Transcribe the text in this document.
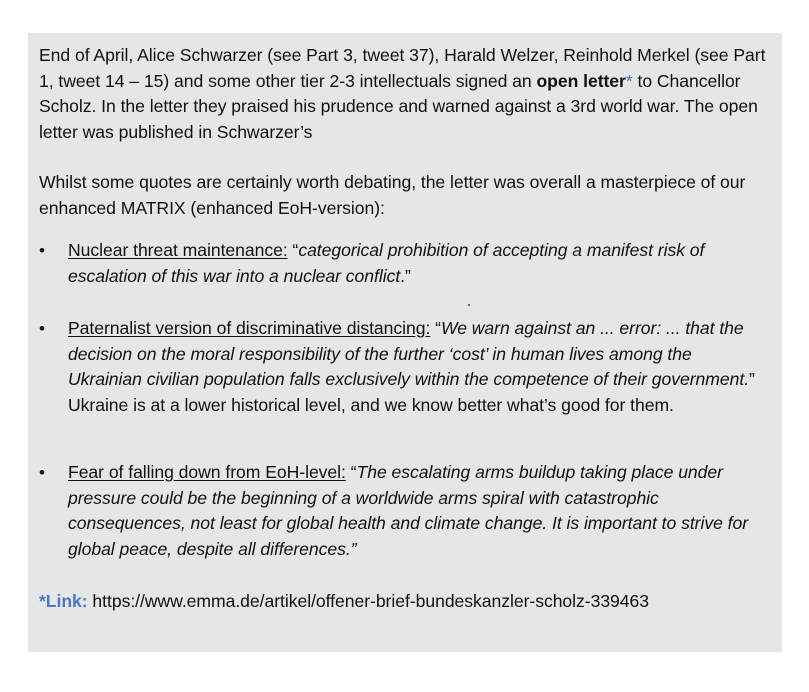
End of April, Alice Schwarzer (see Part 3, tweet 37), Harald Welzer, Reinhold Merkel (see Part 1, tweet 14 – 15) and some other tier 2-3 intellectuals signed an open letter* to Chancellor Scholz. In the letter they praised his prudence and warned against a 3rd world war. The open letter was published in Schwarzer’s

Whilst some quotes are certainly worth debating, the letter was overall a masterpiece of our enhanced MATRIX (enhanced EoH-version):

• Nuclear threat maintenance: “categorical prohibition of accepting a manifest risk of escalation of this war into a nuclear conflict.”
• Paternalist version of discriminative distancing: “We warn against an ... error: ... that the decision on the moral responsibility of the further ‘cost’ in human lives among the Ukrainian civilian population falls exclusively within the competence of their government.” Ukraine is at a lower historical level, and we know better what’s good for them.
• Fear of falling down from EoH-level: “The escalating arms buildup taking place under pressure could be the beginning of a worldwide arms spiral with catastrophic consequences, not least for global health and climate change. It is important to strive for global peace, despite all differences.”
*Link: https://www.emma.de/artikel/offener-brief-bundeskanzler-scholz-339463
